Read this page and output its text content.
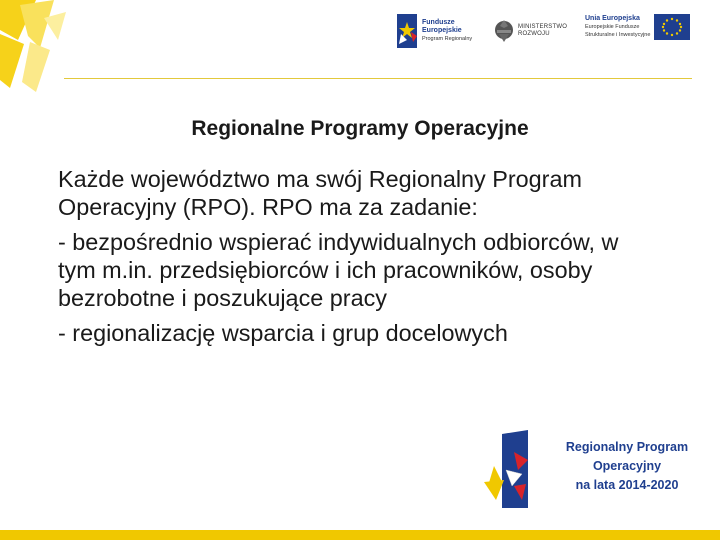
Fundusze
Europejskie
Program Regionalny
MINISTERSTWO
ROZWOJU
Unia Europejska
Europejskie Fundusze
Strukturalne i Inwestycyjne
Regionalne Programy Operacyjne

Każde województwo ma swój Regionalny Program Operacyjny (RPO). RPO ma za zadanie:

- bezpośrednio wspierać indywidualnych odbiorców, w tym m.in. przedsiębiorców i ich pracowników, osoby bezrobotne i poszukujące pracy

- regionalizację wsparcia i grup docelowych

Regionalny Program Operacyjny
na lata 2014-2020
